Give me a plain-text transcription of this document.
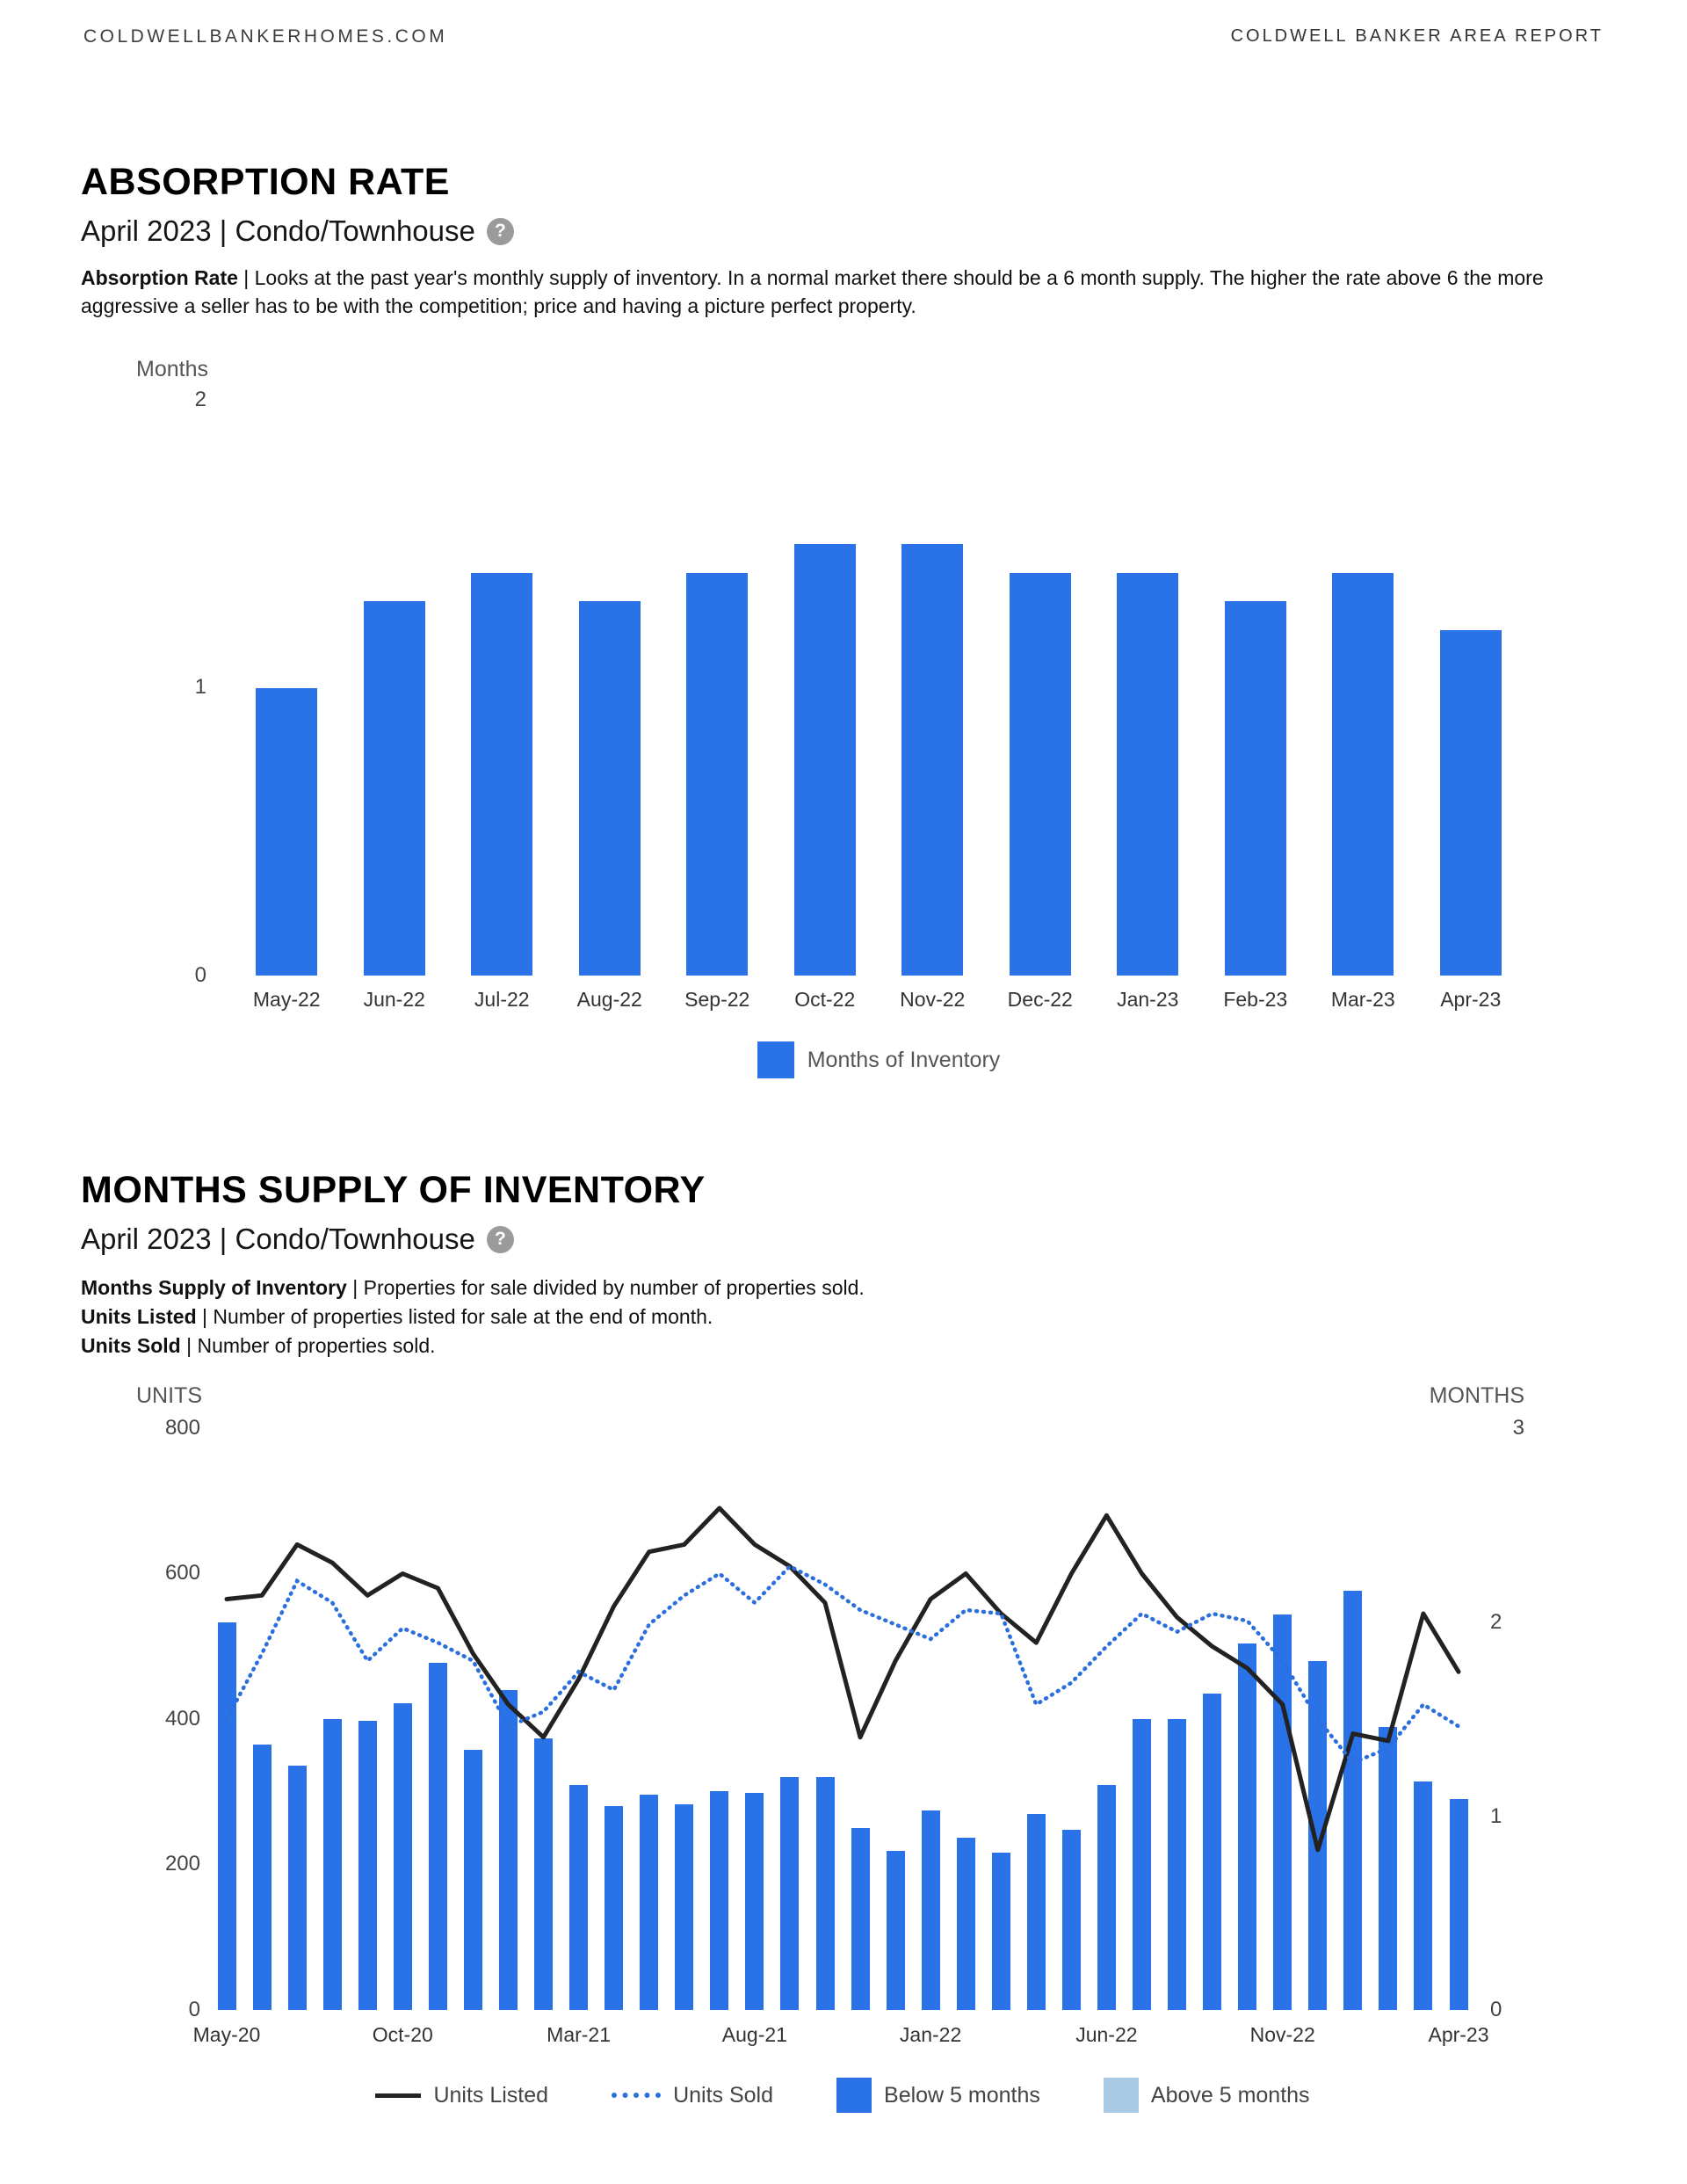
COLDWELLBANKERHOMES.COM	COLDWELL BANKER AREA REPORT
ABSORPTION RATE
April 2023 | Condo/Townhouse	?

Absorption Rate | Looks at the past year's monthly supply of inventory. In a normal market there should be a 6 month supply. The higher the rate above 6 the more aggressive a seller has to be with the competition; price and having a picture perfect property.

Months
2
1
0
May-22	Jun-22	Jul-22	Aug-22	Sep-22	Oct-22	Nov-22	Dec-22	Jan-23	Feb-23	Mar-23	Apr-23
Months of Inventory
MONTHS SUPPLY OF INVENTORY
April 2023 | Condo/Townhouse	?
Months Supply of Inventory | Properties for sale divided by number of properties sold.
Units Listed | Number of properties listed for sale at the end of month.
Units Sold | Number of properties sold.
UNITS	MONTHS
800
600
400
200
0
3
2
1
0
May-20	Oct-20	Mar-21	Aug-21	Jan-22	Jun-22	Nov-22	Apr-23
Units Listed	Units Sold	Below 5 months	Above 5 months
